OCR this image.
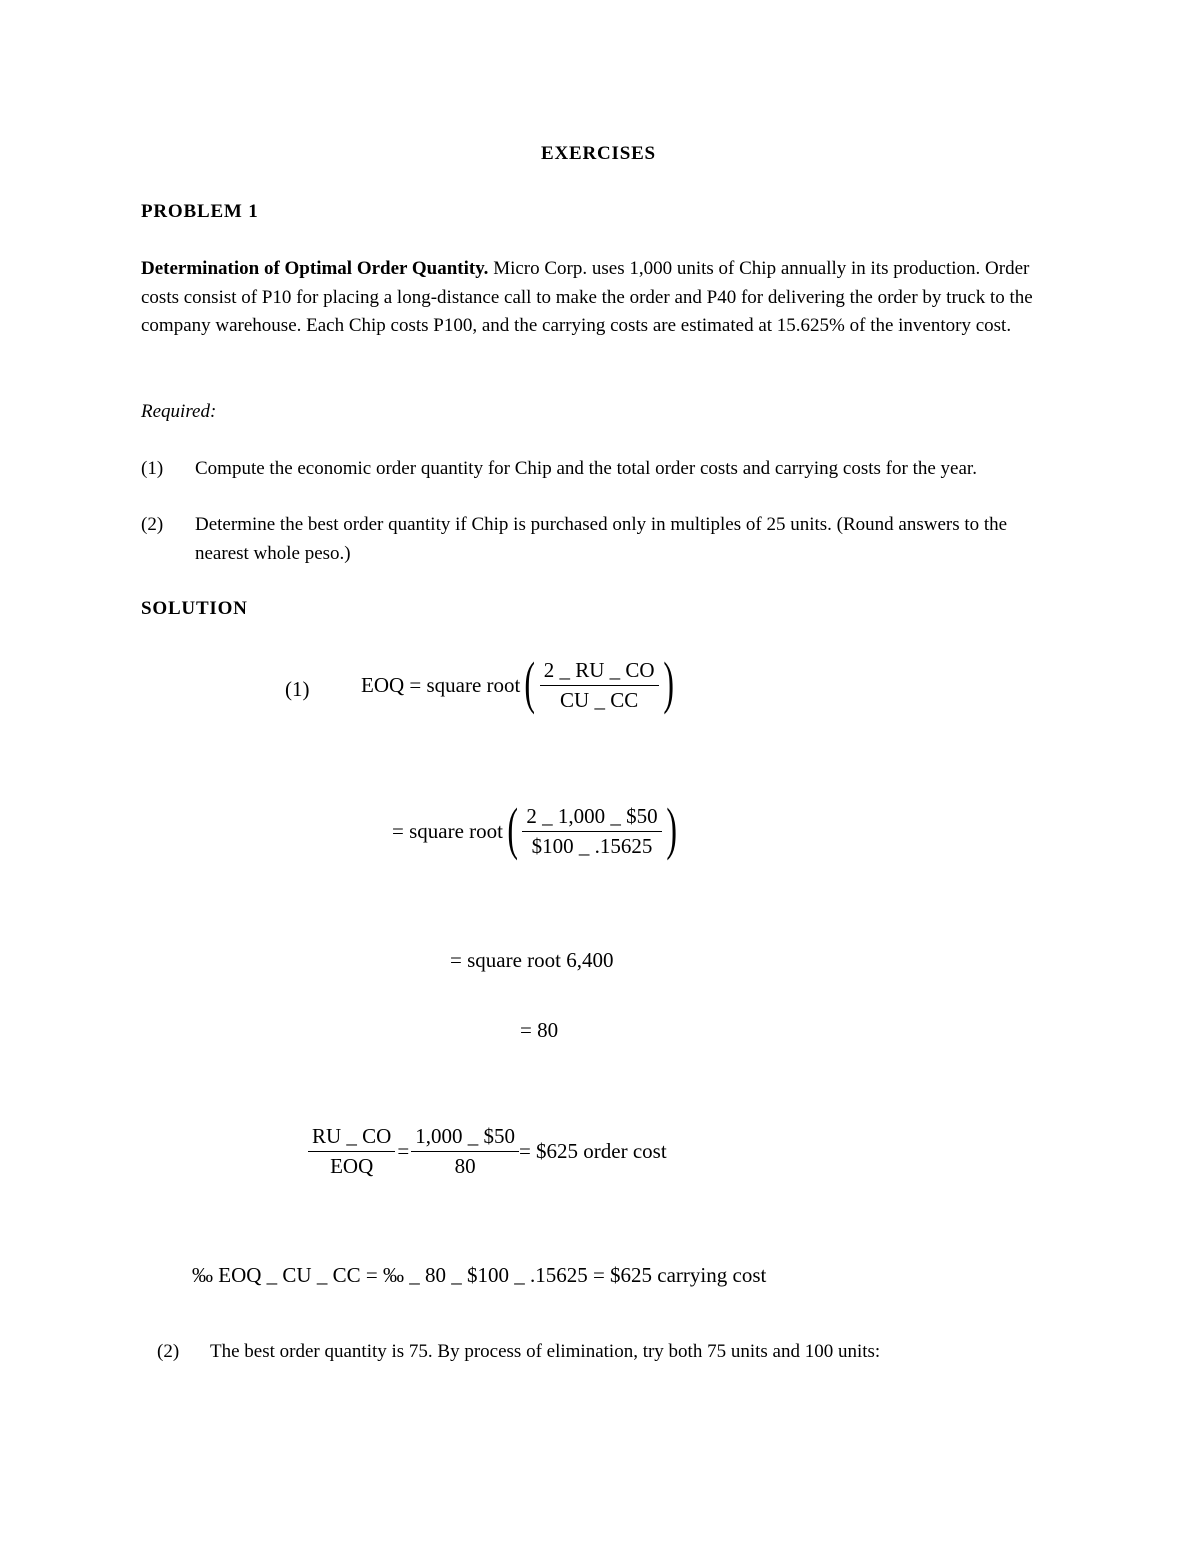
EXERCISES
PROBLEM 1
Determination of Optimal Order Quantity. Micro Corp. uses 1,000 units of Chip annually in its production. Order costs consist of P10 for placing a long-distance call to make the order and P40 for delivering the order by truck to the company warehouse. Each Chip costs P100, and the carrying costs are estimated at 15.625% of the inventory cost.
Required:
(1) Compute the economic order quantity for Chip and the total order costs and carrying costs for the year.
(2) Determine the best order quantity if Chip is purchased only in multiples of 25 units. (Round answers to the nearest whole peso.)
SOLUTION
(1) EOQ = square root ( $\frac{2 \_ RU \_ CO}{CU \_ CC}$ )
= square root ( $\frac{2 \_ 1,000 \_ \$50}{\$100 \_ .15625}$ )
= square root 6,400
= 80
$\frac{RU \_ CO}{\text{EOQ}} = \frac{1,000 \_ \$50}{80}$ = $625 order cost
‰ EOQ _ CU _ CC = ‰ _ 80 _ $100 _ .15625 = $625 carrying cost
(2) The best order quantity is 75. By process of elimination, try both 75 units and 100 units:
